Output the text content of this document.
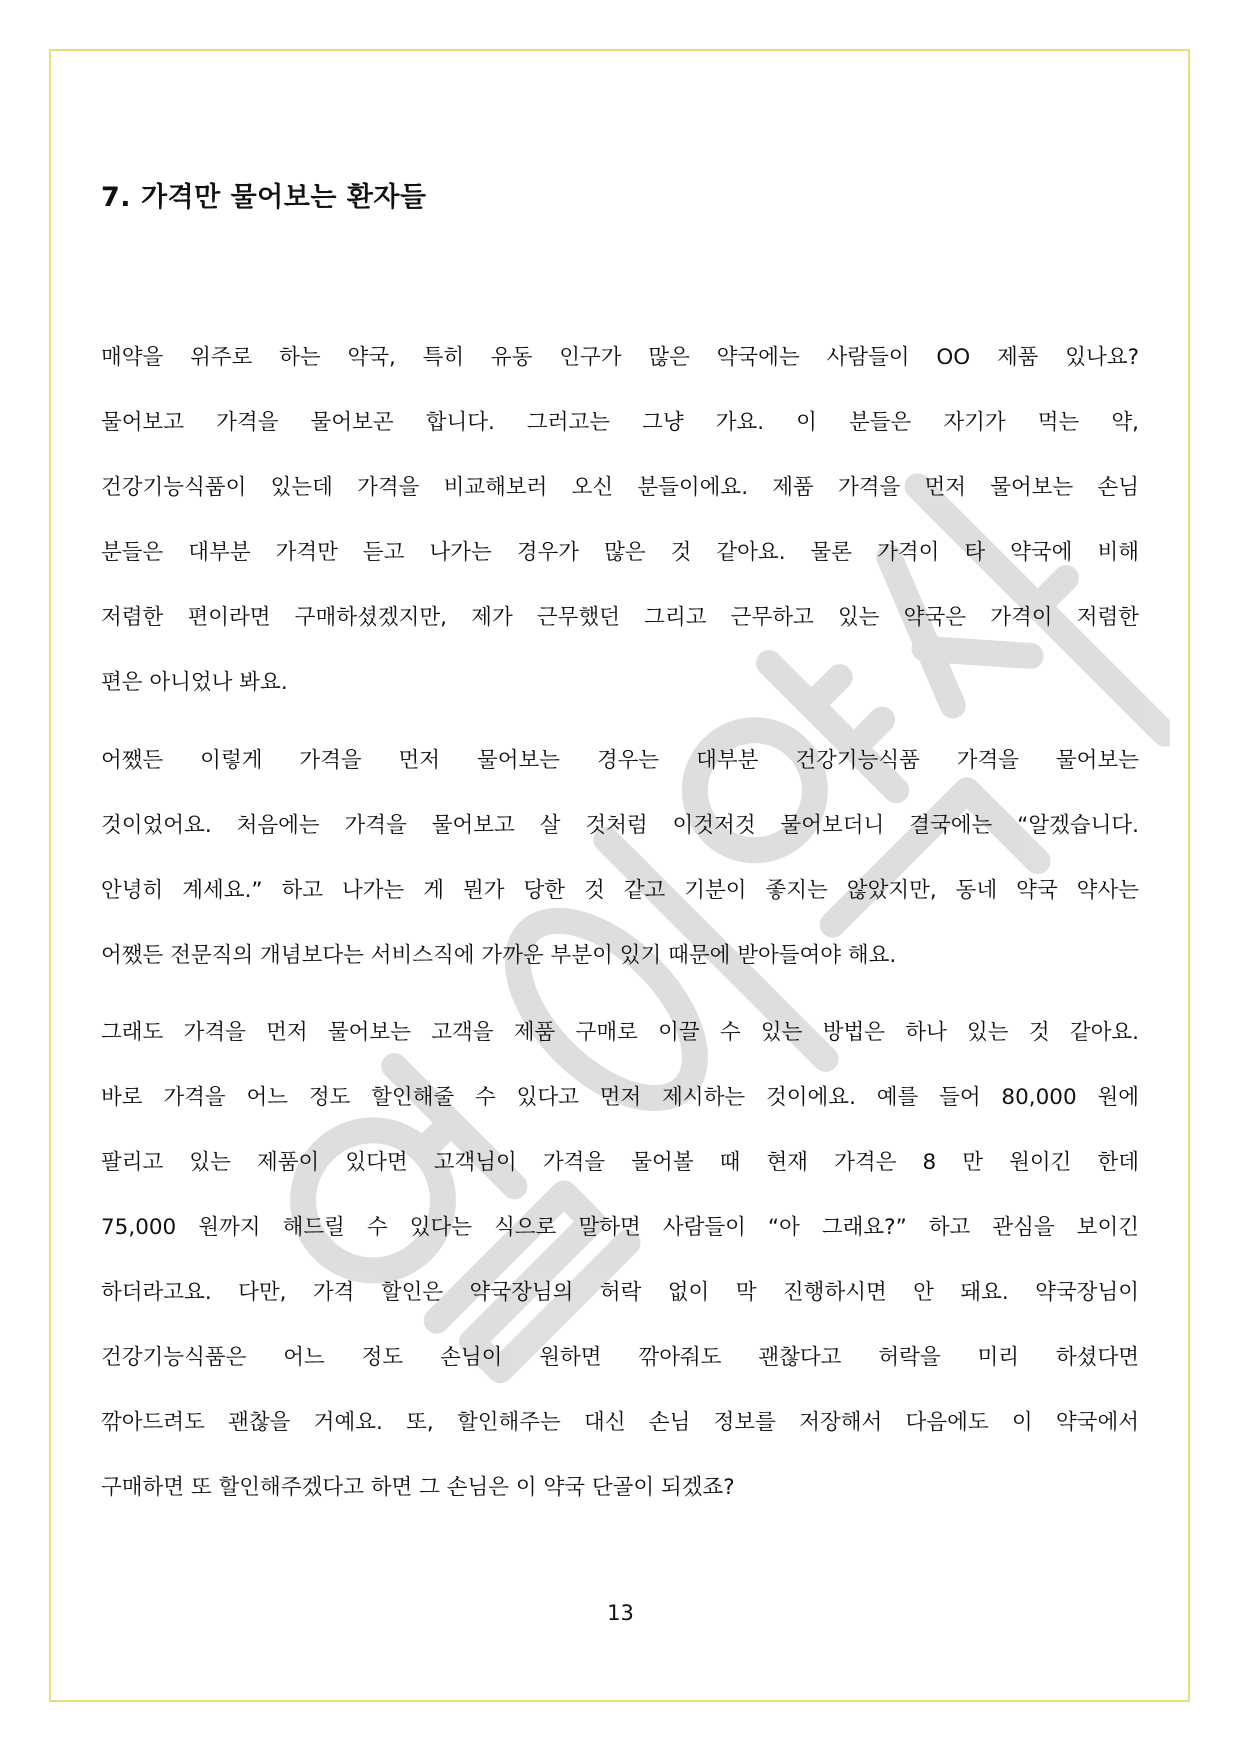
7. 가격만 물어보는 환자들
매약을 위주로 하는 약국, 특히 유동 인구가 많은 약국에는 사람들이 OO 제품 있나요?
물어보고 가격을 물어보곤 합니다. 그러고는 그냥 가요. 이 분들은 자기가 먹는 약,
건강기능식품이 있는데 가격을 비교해보러 오신 분들이에요. 제품 가격을 먼저 물어보는 손님
분들은 대부분 가격만 듣고 나가는 경우가 많은 것 같아요. 물론 가격이 타 약국에 비해
저렴한 편이라면 구매하셨겠지만, 제가 근무했던 그리고 근무하고 있는 약국은 가격이 저렴한
편은 아니었나 봐요.
어쨌든 이렇게 가격을 먼저 물어보는 경우는 대부분 건강기능식품 가격을 물어보는
것이었어요. 처음에는 가격을 물어보고 살 것처럼 이것저것 물어보더니 결국에는 “알겠습니다.
안녕히 계세요.” 하고 나가는 게 뭔가 당한 것 같고 기분이 좋지는 않았지만, 동네 약국 약사는
어쨌든 전문직의 개념보다는 서비스직에 가까운 부분이 있기 때문에 받아들여야 해요.
그래도 가격을 먼저 물어보는 고객을 제품 구매로 이끌 수 있는 방법은 하나 있는 것 같아요.
바로 가격을 어느 정도 할인해줄 수 있다고 먼저 제시하는 것이에요. 예를 들어 80,000 원에
팔리고 있는 제품이 있다면 고객님이 가격을 물어볼 때 현재 가격은 8 만 원이긴 한데
75,000 원까지 해드릴 수 있다는 식으로 말하면 사람들이 “아 그래요?” 하고 관심을 보이긴
하더라고요. 다만, 가격 할인은 약국장님의 허락 없이 막 진행하시면 안 돼요. 약국장님이
건강기능식품은 어느 정도 손님이 원하면 깎아줘도 괜찮다고 허락을 미리 하셨다면
깎아드려도 괜찮을 거예요. 또, 할인해주는 대신 손님 정보를 저장해서 다음에도 이 약국에서
구매하면 또 할인해주겠다고 하면 그 손님은 이 약국 단골이 되겠죠?
13
